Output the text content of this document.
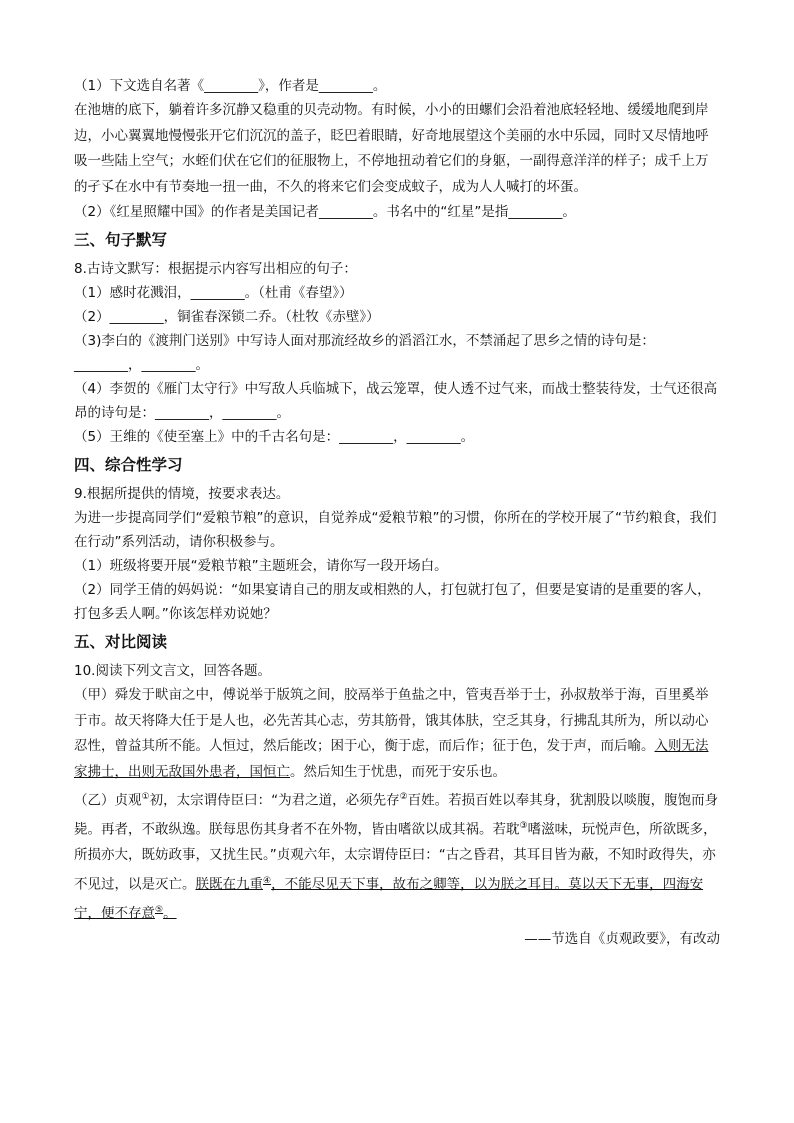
（1）下文选自名著《________》，作者是________。

在池塘的底下，躺着许多沉静又稳重的贝壳动物。有时候，小小的田螺们会沿着池底轻轻地、缓缓地爬到岸边，小心翼翼地慢慢张开它们沉沉的盖子，眨巴着眼睛，好奇地展望这个美丽的水中乐园，同时又尽情地呼吸一些陆上空气；水蛭们伏在它们的征服物上，不停地扭动着它们的身躯，一副得意洋洋的样子；成千上万的孑孓在水中有节奏地一扭一曲，不久的将来它们会变成蚊子，成为人人喊打的坏蛋。

（2）《红星照耀中国》的作者是美国记者________。书名中的“红星”是指________。

三、句子默写

8.古诗文默写：根据提示内容写出相应的句子：

（1）感时花溅泪，________。（杜甫《春望》）

（2）________，铜雀春深锁二乔。（杜牧《赤壁》）

（3)李白的《渡荆门送别》中写诗人面对那流经故乡的滔滔江水，不禁涌起了思乡之情的诗句是：________，________。

（4）李贺的《雁门太守行》中写敌人兵临城下，战云笼罩，使人透不过气来，而战士整装待发，士气还很高昂的诗句是：________，________。

（5）王维的《使至塞上》中的千古名句是：________，________。

四、综合性学习

9.根据所提供的情境，按要求表达。

为进一步提高同学们“爱粮节粮”的意识，自觉养成“爱粮节粮”的习惯，你所在的学校开展了“节约粮食，我们在行动”系列活动，请你积极参与。

（1）班级将要开展“爱粮节粮”主题班会，请你写一段开场白。

（2）同学王倩的妈妈说：“如果宴请自己的朋友或相熟的人，打包就打包了，但要是宴请的是重要的客人，打包多丢人啊。”你该怎样劝说她？

五、对比阅读

10.阅读下列文言文，回答各题。

（甲）舜发于畎亩之中，傅说举于版筑之间，胶鬲举于鱼盐之中，管夷吾举于士，孙叔敖举于海，百里奚举于市。故天将降大任于是人也，必先苦其心志，劳其筋骨，饿其体肤，空乏其身，行拂乱其所为，所以动心忍性，曾益其所不能。人恒过，然后能改；困于心，衡于虑，而后作；征于色，发于声，而后喻。入则无法家拂士，出则无敌国外患者，国恒亡。然后知生于忧患，而死于安乐也。

（乙）贞观①初，太宗谓侍臣曰：“为君之道，必须先存②百姓。若损百姓以奉其身，犹割股以啖腹，腹饱而身毙。再者，不敢纵逸。朕每思伤其身者不在外物，皆由嗜欲以成其祸。若耽③嗜滋味，玩悦声色，所欲既多，所损亦大，既妨政事，又扰生民。”贞观六年，太宗谓侍臣曰：“古之昏君，其耳目皆为蔽，不知时政得失，亦不见过，以是灭亡。朕既在九重④，不能尽见天下事，故布之卿等，以为朕之耳目。莫以天下无事，四海安宁，便不存意⑤。

——节选自《贞观政要》，有改动
